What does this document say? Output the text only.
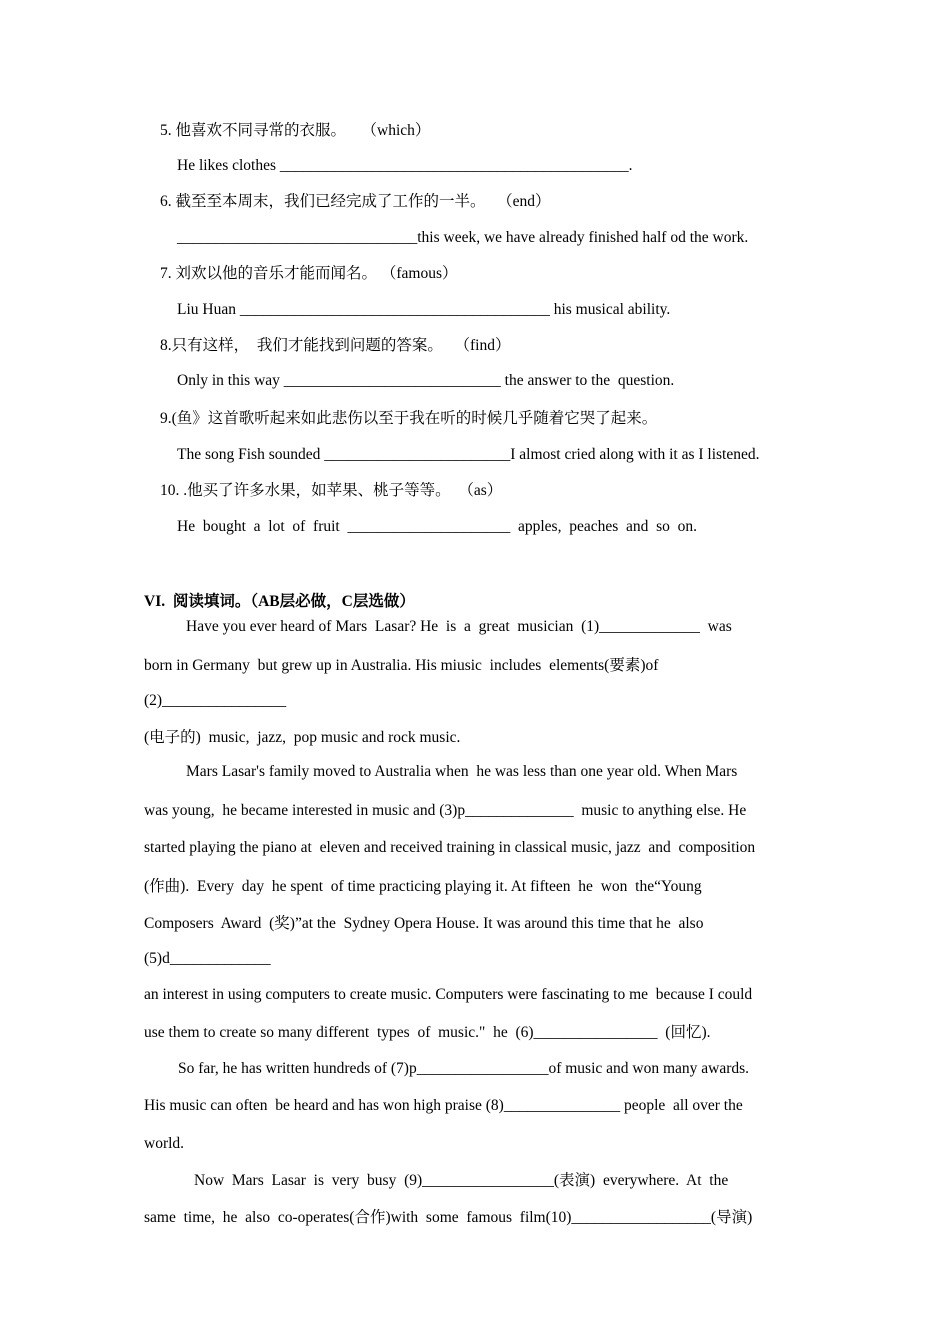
5. 他喜欢不同寻常的衣服。    （which）
He likes clothes _____________________________________________.
6. 截至至本周末，我们已经完成了工作的一半。   （end）
_______________________________this week, we have already finished half od the work.
7. 刘欢以他的音乐才能而闻名。 （famous）
Liu Huan ________________________________________ his musical ability.
8.只有这样，  我们才能找到问题的答案。   （find）
Only in this way ____________________________ the answer to the  question.
9.(鱼》这首歌听起来如此悲伤以至于我在听的时候几乎随着它哭了起来。
The song Fish sounded ________________________I almost cried along with it as I listened.
10. .他买了许多水果，如苹果、桃子等等。  （as）
He  bought  a  lot  of  fruit  _____________________  apples,  peaches  and  so  on.
VI.  阅读填词。（AB层必做，C层选做）
Have you ever heard of Mars  Lasar? He  is  a  great  musician  (1)_____________  was
born in Germany  but grew up in Australia. His miusic  includes  elements(要素)of
(2)________________
(电子的)  music,  jazz,  pop music and rock music.
Mars Lasar's family moved to Australia when  he was less than one year old. When Mars
was young,  he became interested in music and (3)p______________  music to anything else. He
started playing the piano at  eleven and received training in classical music, jazz  and  composition
(作曲).  Every  day  he spent  of time practicing playing it. At fifteen  he  won  the“Young
Composers  Award  (奖)”at the  Sydney Opera House. It was around this time that he  also
(5)d_____________
an interest in using computers to create music. Computers were fascinating to me  because I could
use them to create so many different  types  of  music."  he  (6)________________  (回忆).
So far, he has written hundreds of (7)p_________________of music and won many awards.
His music can often  be heard and has won high praise (8)_______________ people  all over the
world.
Now  Mars  Lasar  is  very  busy  (9)_________________(表演)  everywhere.  At  the
same  time,  he  also  co-operates(合作)with  some  famous  film(10)__________________(导演)
